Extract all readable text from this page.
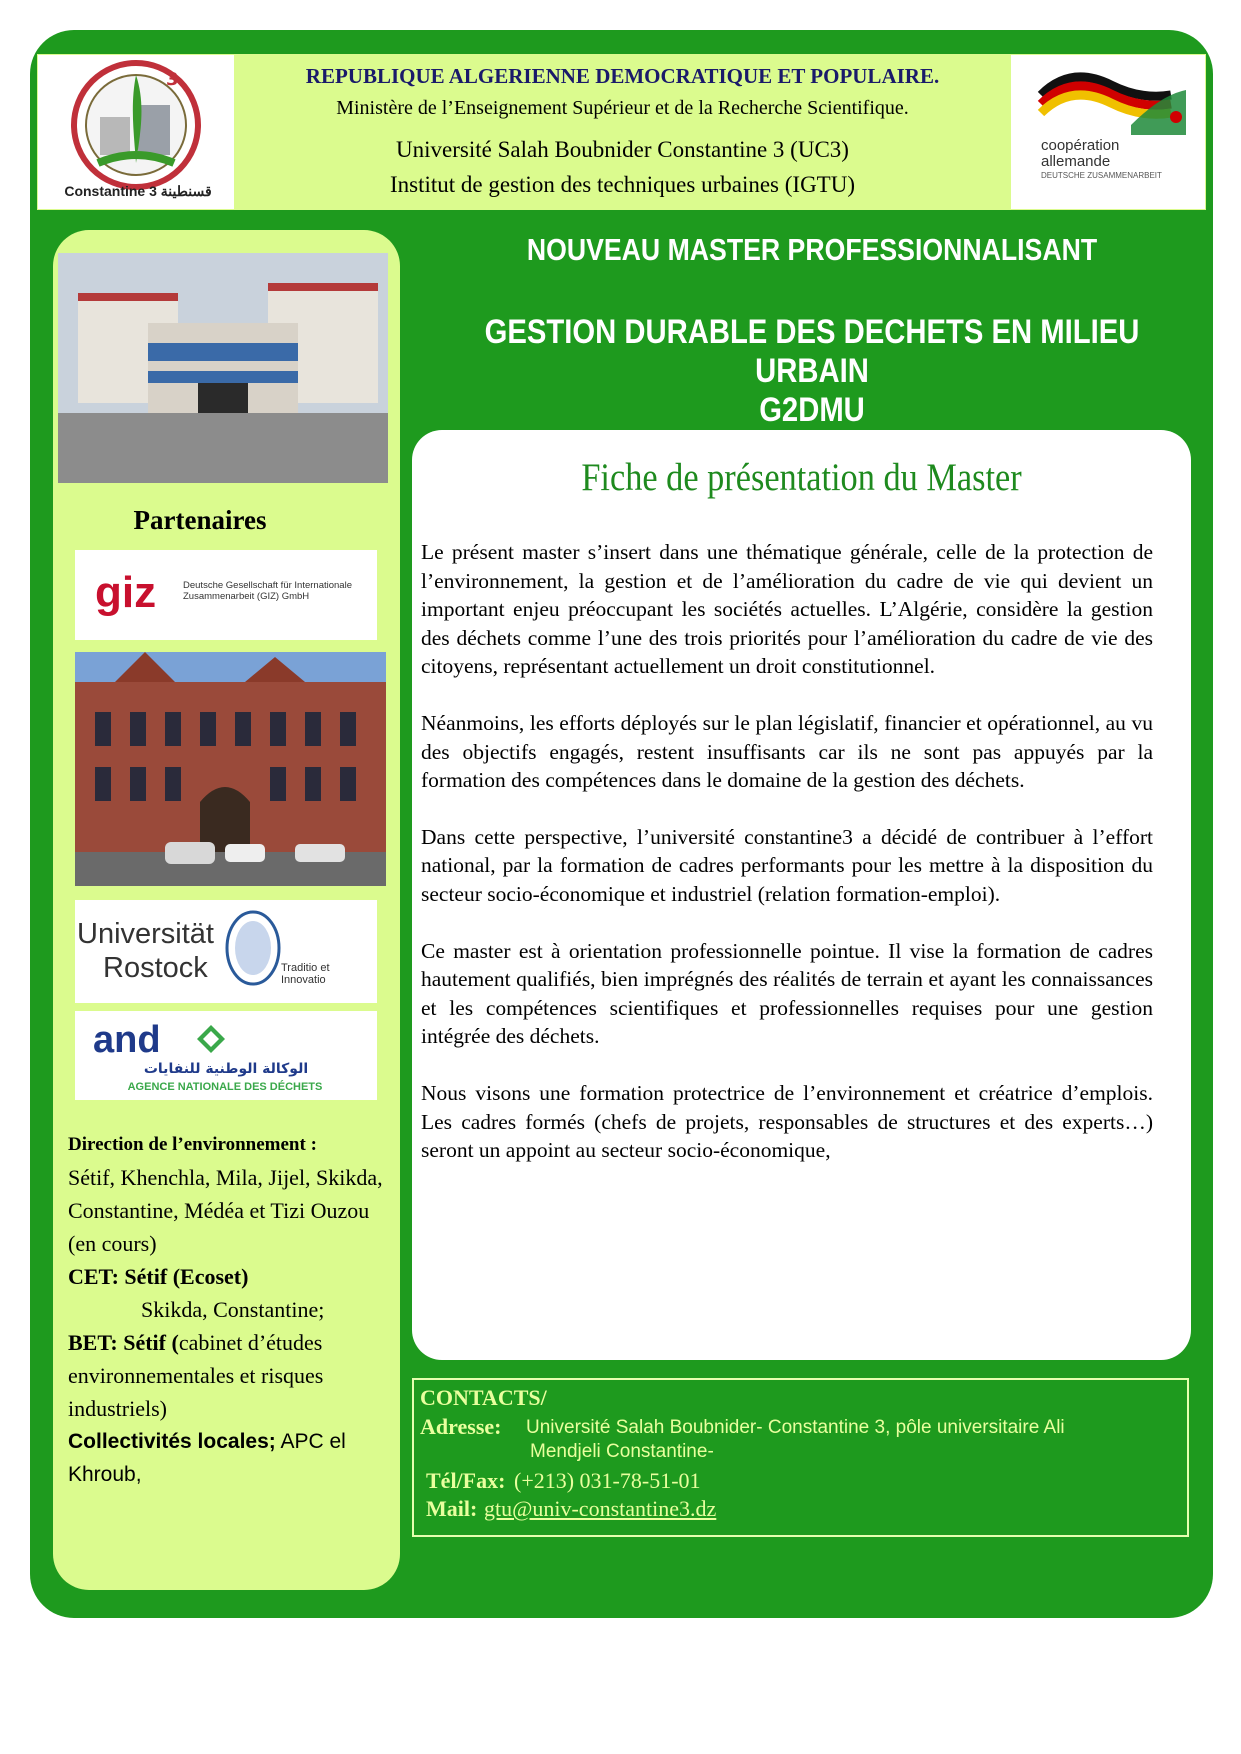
3
Constantine 3 قسنطينة
REPUBLIQUE ALGERIENNE DEMOCRATIQUE ET POPULAIRE.
Ministère de l’Enseignement Supérieur et de la Recherche Scientifique.
Université Salah Boubnider Constantine 3 (UC3)
Institut de gestion des techniques urbaines (IGTU)
coopération
allemande
DEUTSCHE ZUSAMMENARBEIT
Partenaires
giz	Deutsche Gesellschaft für Internationale Zusammenarbeit (GIZ) GmbH
Universität
Rostock	Traditio et Innovatio
and
الوكالة الوطنية للنفايات
AGENCE NATIONALE DES DÉCHETS
Direction de l’environnement :
Sétif, Khenchla, Mila, Jijel, Skikda, Constantine, Médéa et Tizi Ouzou (en cours)
CET: Sétif (Ecoset)
Skikda, Constantine;
BET: Sétif (cabinet d’études environnementales et risques industriels)
Collectivités locales; APC el Khroub,
NOUVEAU MASTER PROFESSIONNALISANT
GESTION DURABLE DES DECHETS EN MILIEU URBAIN
G2DMU
Fiche de présentation du Master

Le présent master s’insert dans une thématique générale, celle de la protection de l’environnement, la gestion et de l’amélioration du cadre de vie qui devient un important enjeu préoccupant les sociétés actuelles. L’Algérie, considère la gestion des déchets comme l’une des trois priorités pour l’amélioration du cadre de vie des citoyens, représentant actuellement un droit constitutionnel.

Néanmoins, les efforts déployés sur le plan législatif, financier et opérationnel, au vu des objectifs engagés, restent insuffisants car ils ne sont pas appuyés par la formation des compétences dans le domaine de la gestion des déchets.

Dans cette perspective, l’université constantine3 a décidé de contribuer à l’effort national, par la formation de cadres performants pour les mettre à la disposition du secteur socio-économique et industriel (relation formation-emploi).

Ce master est à orientation professionnelle pointue. Il vise la formation de cadres hautement qualifiés, bien imprégnés des réalités de terrain et ayant les connaissances et les compétences scientifiques et professionnelles requises pour une gestion intégrée des déchets.

Nous visons une formation protectrice de l’environnement et créatrice d’emplois. Les cadres formés (chefs de projets, responsables de structures et des experts…) seront un appoint au secteur socio-économique,

CONTACTS/
Adresse: Université Salah Boubnider- Constantine 3, pôle universitaire Ali
Mendjeli Constantine-
Tél/Fax: (+213) 031-78-51-01
Mail: gtu@univ-constantine3.dz
